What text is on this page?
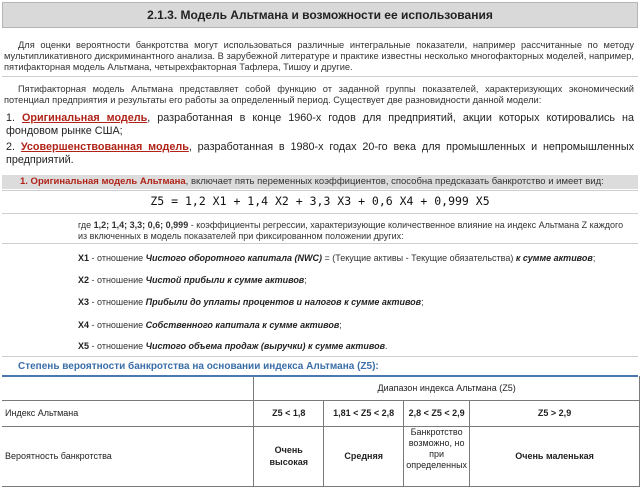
2.1.3. Модель Альтмана и возможности ее использования
Для оценки вероятности банкротства могут использоваться различные интегральные показатели, например рассчитанные по методу мультипликативного дискриминантного анализа. В зарубежной литературе и практике известны несколько многофакторных моделей, например, пятифакторная модель Альтмана, четырехфакторная Тафлера, Тишоу и другие.
Пятифакторная модель Альтмана представляет собой функцию от заданной группы показателей, характеризующих экономический потенциал предприятия и результаты его работы за определенный период. Существует две разновидности данной модели:
1. Оригинальная модель, разработанная в конце 1960-х годов для предприятий, акции которых котировались на фондовом рынке США;
2. Усовершенствованная модель, разработанная в 1980-х годах 20-го века для промышленных и непромышленных предприятий.
1. Оригинальная модель Альтмана, включает пять переменных коэффициентов, способна предсказать банкротство и имеет вид:
Z5 = 1,2 X1 + 1,4 X2 + 3,3 X3 + 0,6 X4 + 0,999 X5
где 1,2; 1,4; 3,3; 0,6; 0,999 - коэффициенты регрессии, характеризующие количественное влияние на индекс Альтмана Z каждого из включенных в модель показателей при фиксированном положении других:
X1 - отношение Чистого оборотного капитала (NWC) = (Текущие активы - Текущие обязательства) к сумме активов;
X2 - отношение Чистой прибыли к сумме активов;
X3 - отношение Прибыли до уплаты процентов и налогов к сумме активов;
X4 - отношение Собственного капитала к сумме активов;
X5 - отношение Чистого объема продаж (выручки) к сумме активов.
Степень вероятности банкротства на основании индекса Альтмана (Z5):
	Диапазон индекса Альтмана (Z5)			
Индекс Альтмана	Z5 < 1,8	1,81 < Z5 < 2,8	2,8 < Z5 < 2,9	Z5 > 2,9
Вероятность банкротства	Очень высокая	Средняя	Банкротство возможно, но при определенных	Очень маленькая
